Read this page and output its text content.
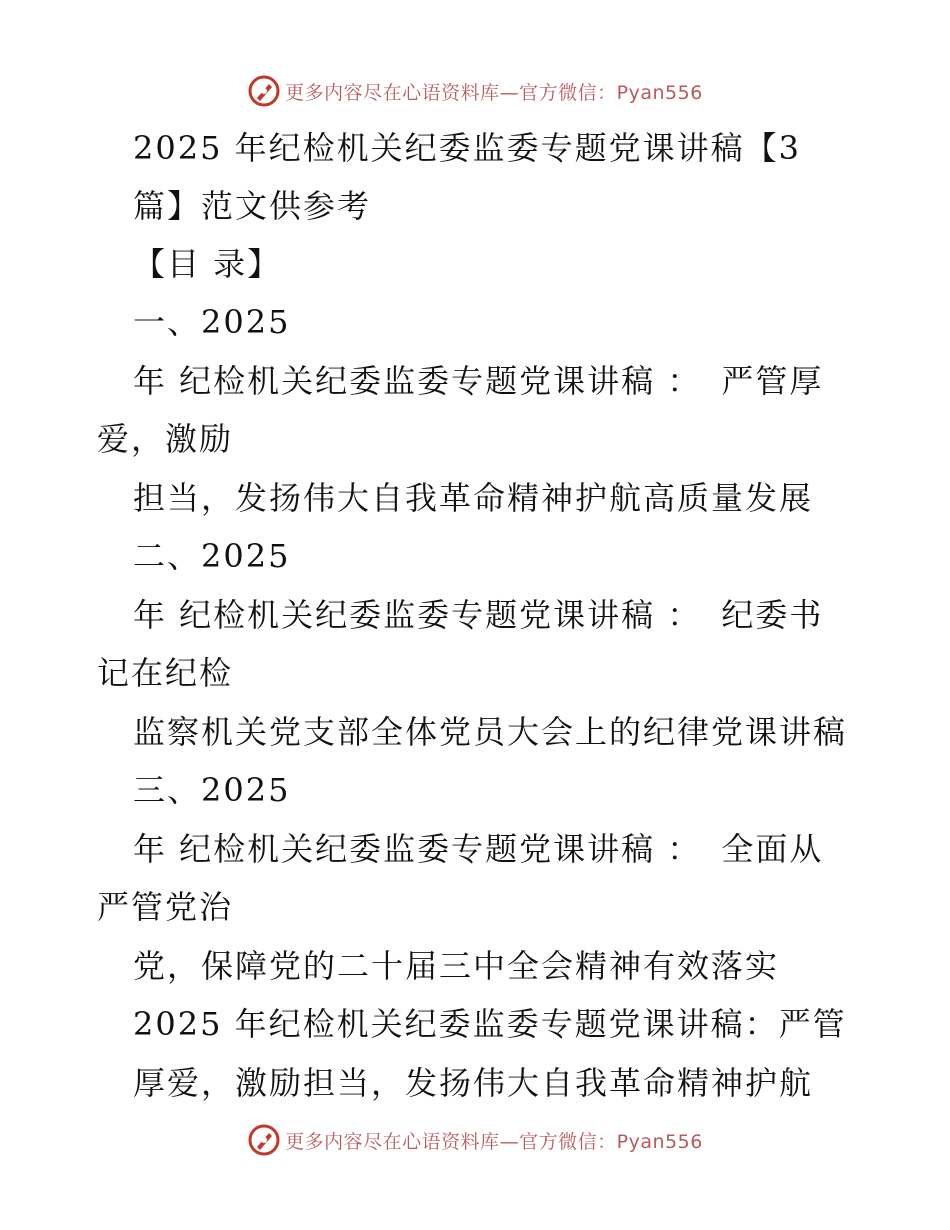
更多内容尽在心语资料库—官方微信：Pyan556
2025 年纪检机关纪委监委专题党课讲稿【3
篇】范文供参考
【目 录】
一、2025
年 纪检机关纪委监委专题党课讲稿 ： 严管厚
爱，激励
担当，发扬伟大自我革命精神护航高质量发展
二、2025
年 纪检机关纪委监委专题党课讲稿 ： 纪委书
记在纪检
监察机关党支部全体党员大会上的纪律党课讲稿
三、2025
年 纪检机关纪委监委专题党课讲稿 ： 全面从
严管党治
党，保障党的二十届三中全会精神有效落实
2025 年纪检机关纪委监委专题党课讲稿：严管
厚爱，激励担当，发扬伟大自我革命精神护航
更多内容尽在心语资料库—官方微信：Pyan556
